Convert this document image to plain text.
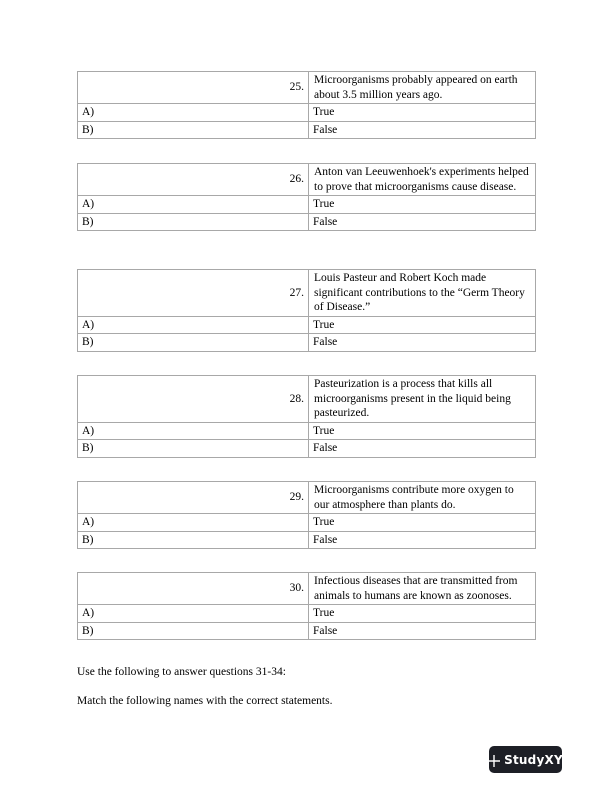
25.	Microorganisms probably appeared on earth about 3.5 million years ago.
A)	True
B)	False
26.	Anton van Leeuwenhoek's experiments helped to prove that microorganisms cause disease.
A)	True
B)	False
27.	Louis Pasteur and Robert Koch made significant contributions to the “Germ Theory of Disease.”
A)	True
B)	False
28.	Pasteurization is a process that kills all microorganisms present in the liquid being pasteurized.
A)	True
B)	False
29.	Microorganisms contribute more oxygen to our atmosphere than plants do.
A)	True
B)	False
30.	Infectious diseases that are transmitted from animals to humans are known as zoonoses.
A)	True
B)	False
Use the following to answer questions 31-34:
Match the following names with the correct statements.
StudyXY
